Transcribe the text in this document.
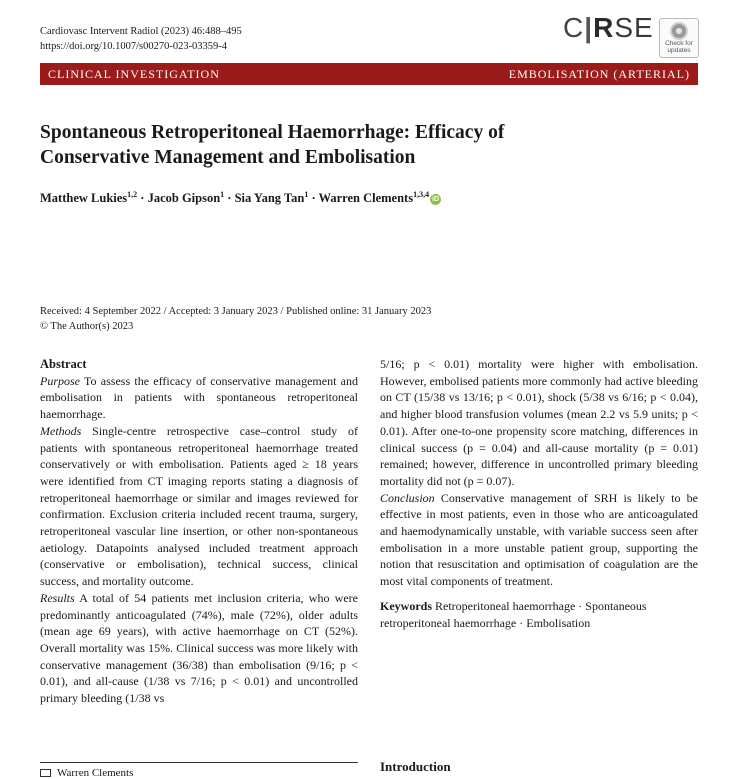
Cardiovasc Intervent Radiol (2023) 46:488–495
https://doi.org/10.1007/s00270-023-03359-4
C|RSE
Check for
updates
CLINICAL INVESTIGATION	EMBOLISATION (ARTERIAL)
Spontaneous Retroperitoneal Haemorrhage: Efficacy of Conservative Management and Embolisation
Matthew Lukies$^{1,2}$ · Jacob Gipson$^1$ · Sia Yang Tan$^1$ · Warren Clements$^{1,3,4}$iD
Received: 4 September 2022 / Accepted: 3 January 2023 / Published online: 31 January 2023
© The Author(s) 2023

Abstract

Purpose To assess the efficacy of conservative management and embolisation in patients with spontaneous retroperitoneal haemorrhage.

Methods Single-centre retrospective case–control study of patients with spontaneous retroperitoneal haemorrhage treated conservatively or with embolisation. Patients aged ≥ 18 years were identified from CT imaging reports stating a diagnosis of retroperitoneal haemorrhage or similar and images reviewed for confirmation. Exclusion criteria included recent trauma, surgery, retroperitoneal vascular line insertion, or other non-spontaneous aetiology. Datapoints analysed included treatment approach (conservative or embolisation), technical success, clinical success, and mortality outcome.

Results A total of 54 patients met inclusion criteria, who were predominantly anticoagulated (74%), male (72%), older adults (mean age 69 years), with active haemorrhage on CT (52%). Overall mortality was 15%. Clinical success was more likely with conservative management (36/38) than embolisation (9/16; p < 0.01), and all-cause (1/38 vs 7/16; p < 0.01) and uncontrolled primary bleeding (1/38 vs

5/16; p < 0.01) mortality were higher with embolisation. However, embolised patients more commonly had active bleeding on CT (15/38 vs 13/16; p < 0.01), shock (5/38 vs 6/16; p < 0.04), and higher blood transfusion volumes (mean 2.2 vs 5.9 units; p < 0.01). After one-to-one propensity score matching, differences in clinical success (p = 0.04) and all-cause mortality (p = 0.01) remained; however, difference in uncontrolled primary bleeding mortality did not (p = 0.07).

Conclusion Conservative management of SRH is likely to be effective in most patients, even in those who are anticoagulated and haemodynamically unstable, with variable success seen after embolisation in a more unstable patient group, supporting the notion that resuscitation and optimisation of coagulation are the most vital components of treatment.

Keywords Retroperitoneal haemorrhage · Spontaneous retroperitoneal haemorrhage · Embolisation

Warren Clements	Introduction
